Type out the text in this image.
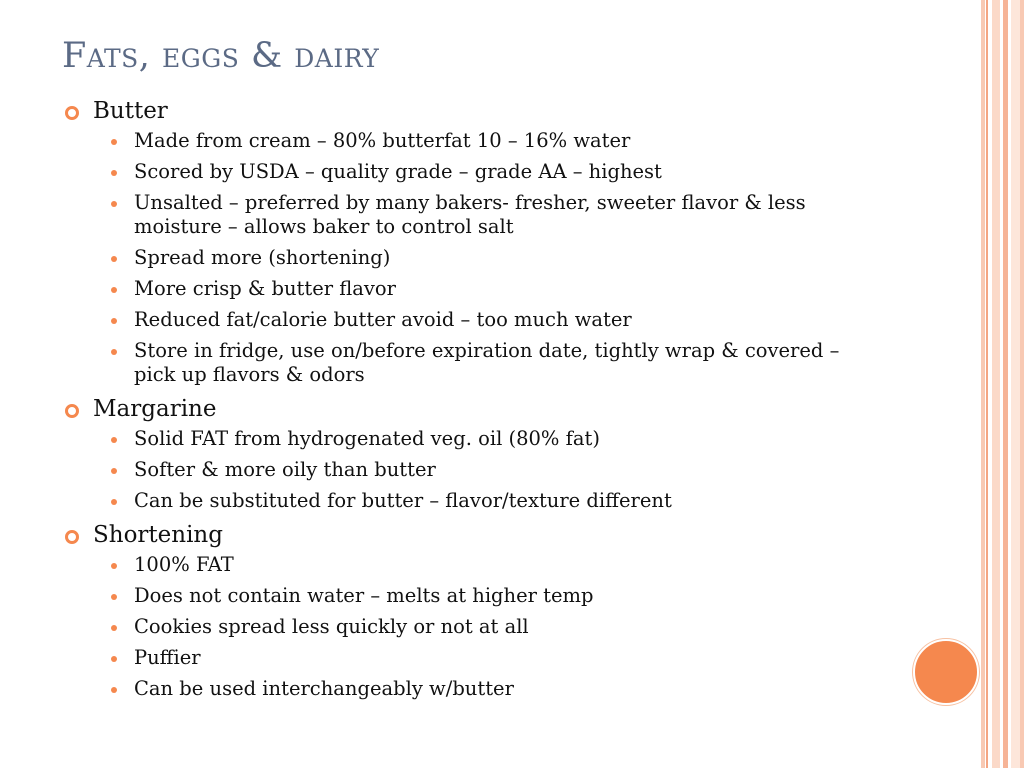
Fats, eggs & dairy
Butter
Made from cream – 80% butterfat 10 – 16% water
Scored by USDA – quality grade – grade AA – highest
Unsalted – preferred by many bakers- fresher, sweeter flavor & less moisture – allows baker to control salt
Spread more (shortening)
More crisp & butter flavor
Reduced fat/calorie butter avoid – too much water
Store in fridge, use on/before expiration date, tightly wrap & covered – pick up flavors & odors
Margarine
Solid FAT from hydrogenated veg. oil (80% fat)
Softer & more oily than butter
Can be substituted for butter – flavor/texture different
Shortening
100% FAT
Does not contain water – melts at higher temp
Cookies spread less quickly or not at all
Puffier
Can be used interchangeably w/butter
